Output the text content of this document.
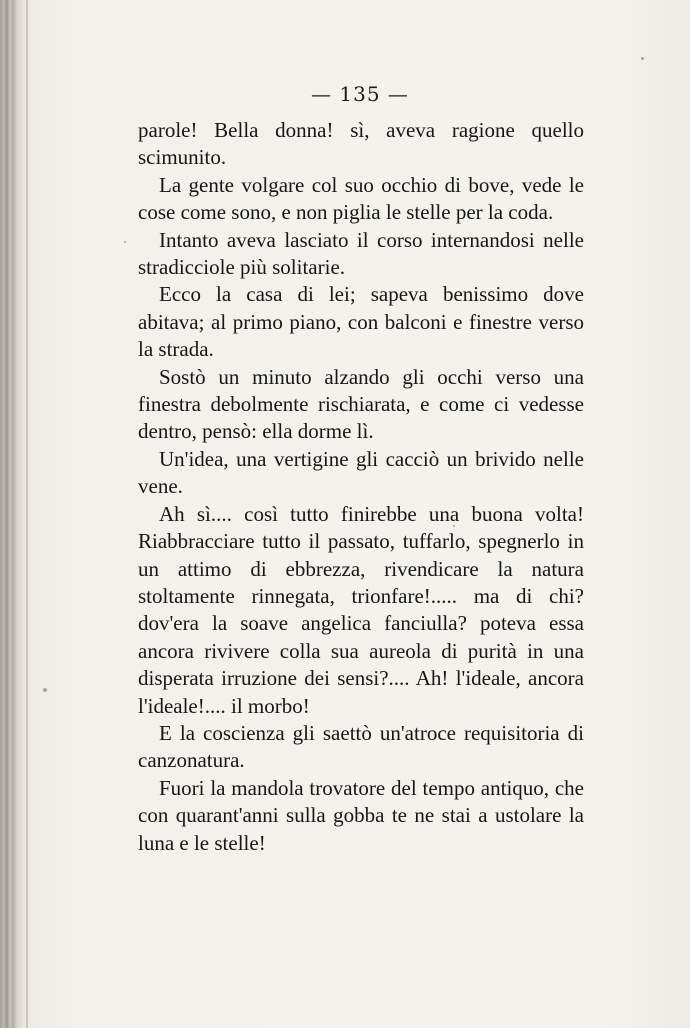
— 135 —

parole! Bella donna! sì, aveva ragione quello scimunito.

La gente volgare col suo occhio di bove, vede le cose come sono, e non piglia le stelle per la coda.

Intanto aveva lasciato il corso internandosi nelle stradicciole più solitarie.

Ecco la casa di lei; sapeva benissimo dove abitava; al primo piano, con balconi e finestre verso la strada.

Sostò un minuto alzando gli occhi verso una finestra debolmente rischiarata, e come ci vedesse dentro, pensò: ella dorme lì.

Un'idea, una vertigine gli cacciò un brivido nelle vene.

Ah sì.... così tutto finirebbe una buona volta! Riabbracciare tutto il passato, tuffarlo, spegnerlo in un attimo di ebbrezza, rivendicare la natura stoltamente rinnegata, trionfare!..... ma di chi? dov'era la soave angelica fanciulla? poteva essa ancora rivivere colla sua aureola di purità in una disperata irruzione dei sensi?.... Ah! l'ideale, ancora l'ideale!.... il morbo!

E la coscienza gli saettò un'atroce requisitoria di canzonatura.

Fuori la mandola trovatore del tempo antiquo, che con quarant'anni sulla gobba te ne stai a ustolare la luna e le stelle!
